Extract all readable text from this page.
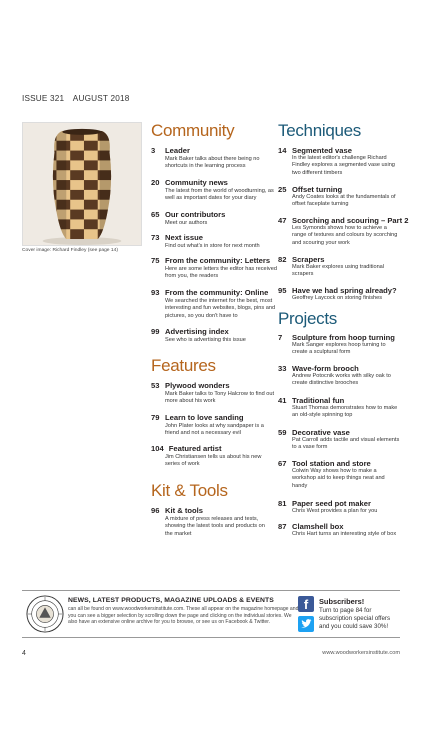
ISSUE 321 AUGUST 2018
Cover image: Richard Findley (see page 14)
Community
3	Leader
Mark Baker talks about there being no shortcuts in the learning process
20 Community news
The latest from the world of woodturning, as well as important dates for your diary
65 Our contributors
Meet our authors
73 Next issue
Find out what's in store for next month
75 From the community: Letters
Here are some letters the editor has received from you, the readers
93 From the community: Online
We searched the internet for the best, most interesting and fun websites, blogs, pins and pictures, so you don't have to
99 Advertising index
See who is advertising this issue
Features
53 Plywood wonders
Mark Baker talks to Tony Halcrow to find out more about his work
79 Learn to love sanding
John Plater looks at why sandpaper is a friend and not a necessary evil
104 Featured artist
Jim Christiansen tells us about his new series of work
Kit & Tools
96 Kit & tools
A mixture of press releases and tests, showing the latest tools and products on the market
Techniques
14 Segmented vase
In the latest editor's challenge Richard Findley explores a segmented vase using two different timbers
25 Offset turning
Andy Coates looks at the fundamentals of offset faceplate turning
47 Scorching and scouring – Part 2
Les Symonds shows how to achieve a range of textures and colours by scorching and scouring your work
82 Scrapers
Mark Baker explores using traditional scrapers
95 Have we had spring already?
Geoffrey Laycock on storing finishes
Projects
7	Sculpture from hoop turning
Mark Sanger explores hoop turning to create a sculptural form
33 Wave-form brooch
Andrew Potocnik works with silky oak to create distinctive brooches
41 Traditional fun
Stuart Thomas demonstrates how to make an old-style spinning top
59 Decorative vase
Pat Carroll adds tactile and visual elements to a vase form
67 Tool station and store
Colwin Way shows how to make a workshop aid to keep things neat and handy
81 Paper seed pot maker
Chris West provides a plan for you
87 Clamshell box
Chris Hart turns an interesting style of box
NEWS, LATEST PRODUCTS, MAGAZINE UPLOADS & EVENTS
can all be found on www.woodworkersinstitute.com. These all appear on the magazine homepage and you can see a bigger selection by scrolling down the page and clicking on the individual stories. We also have an extensive online archive for you to browse, or see us on Facebook & Twitter.
f	Subscribers!
Turn to page 84 for subscription special offers and you could save 30%!
4	www.woodworkersinstitute.com
